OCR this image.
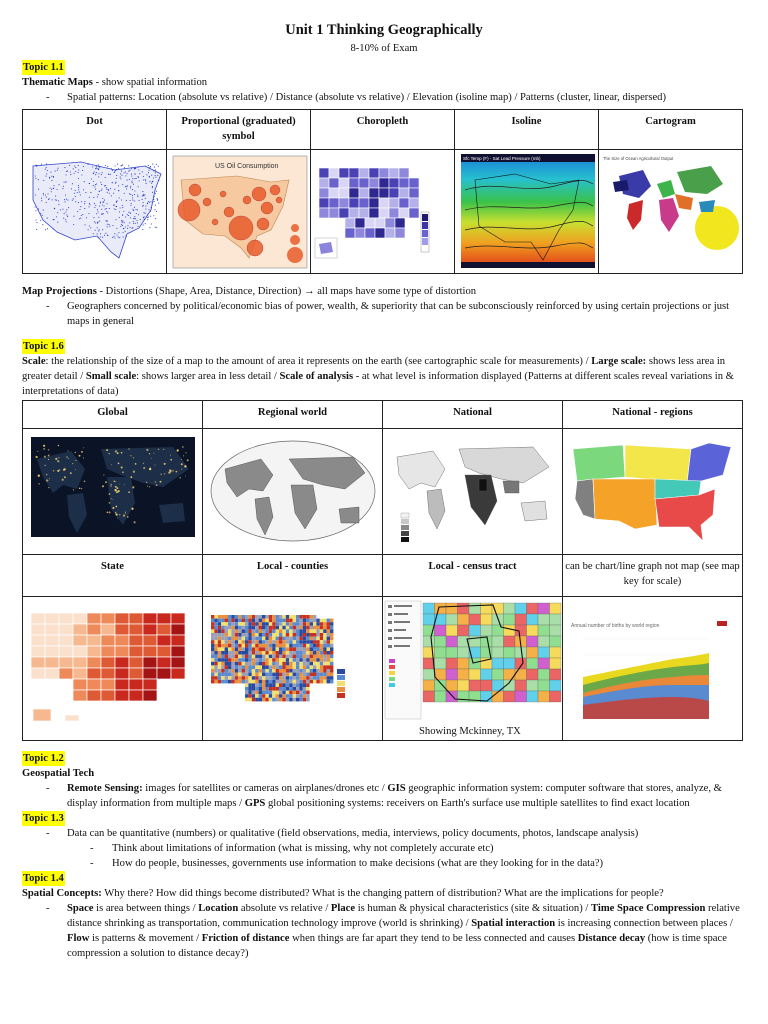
Unit 1 Thinking Geographically
8-10% of Exam

Topic 1.1

Thematic Maps - show spatial information

- Spatial patterns: Location (absolute vs relative) / Distance (absolute vs relative) / Elevation (isoline map) / Patterns (cluster, linear, dispersed)

Dot	Proportional (graduated) symbol	Choropleth	Isoline	Cartogram

US Oil Consumption		Sfc Temp (F) - Sat Lead Pressure (mb)	The Size of Ocean Agricultural Output

Map Projections - Distortions (Shape, Area, Distance, Direction) → all maps have some type of distortion

- Geographers concerned by political/economic bias of power, wealth, & superiority that can be subconsciously reinforced by using certain projections or just maps in general

Topic 1.6

Scale: the relationship of the size of a map to the amount of area it represents on the earth (see cartographic scale for measurements) / Large scale: shows less area in greater detail / Small scale: shows larger area in less detail / Scale of analysis - at what level is information displayed (Patterns at different scales reveal variations in & interpretations of data)

Global	Regional world	National	National - regions

State	Local - counties	Local - census tract	can be chart/line graph not map (see map key for scale)

Annual number of births by world region

Topic 1.2

Geospatial Tech

- Remote Sensing: images for satellites or cameras on airplanes/drones etc / GIS geographic information system: computer software that stores, analyze, & display information from multiple maps / GPS global positioning systems: receivers on Earth's surface use multiple satellites to find exact location

Topic 1.3

- Data can be quantitative (numbers) or qualitative (field observations, media, interviews, policy documents, photos, landscape analysis)

- Think about limitations of information (what is missing, why not completely accurate etc)

- How do people, businesses, governments use information to make decisions (what are they looking for in the data?)

Topic 1.4

Spatial Concepts: Why there? How did things become distributed? What is the changing pattern of distribution? What are the implications for people?

- Space is area between things / Location absolute vs relative / Place is human & physical characteristics (site & situation) / Time Space Compression relative distance shrinking as transportation, communication technology improve (world is shrinking) / Spatial interaction is increasing connection between places / Flow is patterns & movement / Friction of distance when things are far apart they tend to be less connected and causes Distance decay (how is time space compression a solution to distance decay?)

Showing Mckinney, TX
